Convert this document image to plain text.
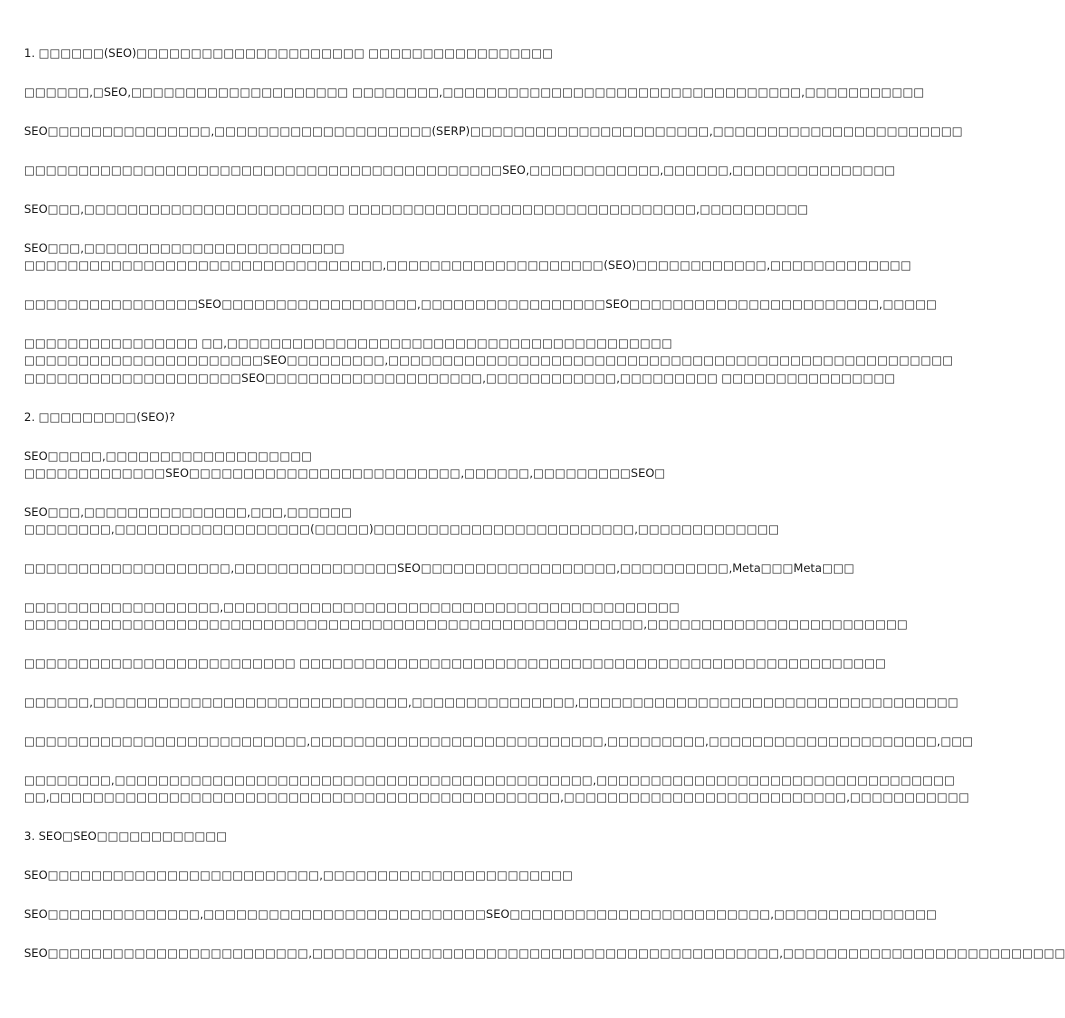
1. □□□□□□(SEO)□□□□□□□□□□□□□□□□□□□□□ □□□□□□□□□□□□□□□□□
□□□□□□,□SEO,□□□□□□□□□□□□□□□□□□□□ □□□□□□□□,□□□□□□□□□□□□□□□□□□□□□□□□□□□□□□□□□,□□□□□□□□□□□
SEO□□□□□□□□□□□□□□□,□□□□□□□□□□□□□□□□□□□□(SERP)□□□□□□□□□□□□□□□□□□□□□□,□□□□□□□□□□□□□□□□□□□□□□□
□□□□□□□□□□□□□□□□□□□□□□□□□□□□□□□□□□□□□□□□□□□□SEO,□□□□□□□□□□□□,□□□□□□,□□□□□□□□□□□□□□□
SEO□□□,□□□□□□□□□□□□□□□□□□□□□□□□ □□□□□□□□□□□□□□□□□□□□□□□□□□□□□□□□,□□□□□□□□□□
SEO□□□,□□□□□□□□□□□□□□□□□□□□□□□□
□□□□□□□□□□□□□□□□□□□□□□□□□□□□□□□□□,□□□□□□□□□□□□□□□□□□□□(SEO)□□□□□□□□□□□□,□□□□□□□□□□□□□
□□□□□□□□□□□□□□□□SEO□□□□□□□□□□□□□□□□□□,□□□□□□□□□□□□□□□□□SEO□□□□□□□□□□□□□□□□□□□□□□□,□□□□□
□□□□□□□□□□□□□□□□ □□,□□□□□□□□□□□□□□□□□□□□□□□□□□□□□□□□□□□□□□□□□
□□□□□□□□□□□□□□□□□□□□□□SEO□□□□□□□□□,□□□□□□□□□□□□□□□□□□□□□□□□□□□□□□□□□□□□□□□□□□□□□□□□□□□□
□□□□□□□□□□□□□□□□□□□□SEO□□□□□□□□□□□□□□□□□□□□,□□□□□□□□□□□□,□□□□□□□□□ □□□□□□□□□□□□□□□□
2. □□□□□□□□□(SEO)?
SEO□□□□□,□□□□□□□□□□□□□□□□□□□
□□□□□□□□□□□□□SEO□□□□□□□□□□□□□□□□□□□□□□□□□,□□□□□□,□□□□□□□□□SEO□
SEO□□□,□□□□□□□□□□□□□□□,□□□,□□□□□□
□□□□□□□□,□□□□□□□□□□□□□□□□□□(□□□□□)□□□□□□□□□□□□□□□□□□□□□□□□,□□□□□□□□□□□□□
□□□□□□□□□□□□□□□□□□□,□□□□□□□□□□□□□□□SEO□□□□□□□□□□□□□□□□□□,□□□□□□□□□□,Meta□□□Meta□□□
□□□□□□□□□□□□□□□□□□,□□□□□□□□□□□□□□□□□□□□□□□□□□□□□□□□□□□□□□□□□□
□□□□□□□□□□□□□□□□□□□□□□□□□□□□□□□□□□□□□□□□□□□□□□□□□□□□□□□□□,□□□□□□□□□□□□□□□□□□□□□□□□
□□□□□□□□□□□□□□□□□□□□□□□□□ □□□□□□□□□□□□□□□□□□□□□□□□□□□□□□□□□□□□□□□□□□□□□□□□□□□□□□
□□□□□□,□□□□□□□□□□□□□□□□□□□□□□□□□□□□□,□□□□□□□□□□□□□□□,□□□□□□□□□□□□□□□□□□□□□□□□□□□□□□□□□□□
□□□□□□□□□□□□□□□□□□□□□□□□□□,□□□□□□□□□□□□□□□□□□□□□□□□□□□,□□□□□□□□□,□□□□□□□□□□□□□□□□□□□□□,□□□
□□□□□□□□,□□□□□□□□□□□□□□□□□□□□□□□□□□□□□□□□□□□□□□□□□□□□,□□□□□□□□□□□□□□□□□□□□□□□□□□□□□□□□□
□□,□□□□□□□□□□□□□□□□□□□□□□□□□□□□□□□□□□□□□□□□□□□□□□□,□□□□□□□□□□□□□□□□□□□□□□□□□□,□□□□□□□□□□□
3. SEO□SEO□□□□□□□□□□□□
SEO□□□□□□□□□□□□□□□□□□□□□□□□□,□□□□□□□□□□□□□□□□□□□□□□□
SEO□□□□□□□□□□□□□□,□□□□□□□□□□□□□□□□□□□□□□□□□□SEO□□□□□□□□□□□□□□□□□□□□□□□□,□□□□□□□□□□□□□□□
SEO□□□□□□□□□□□□□□□□□□□□□□□□,□□□□□□□□□□□□□□□□□□□□□□□□□□□□□□□□□□□□□□□□□□□,□□□□□□□□□□□□□□□□□□□□□□□□□□
